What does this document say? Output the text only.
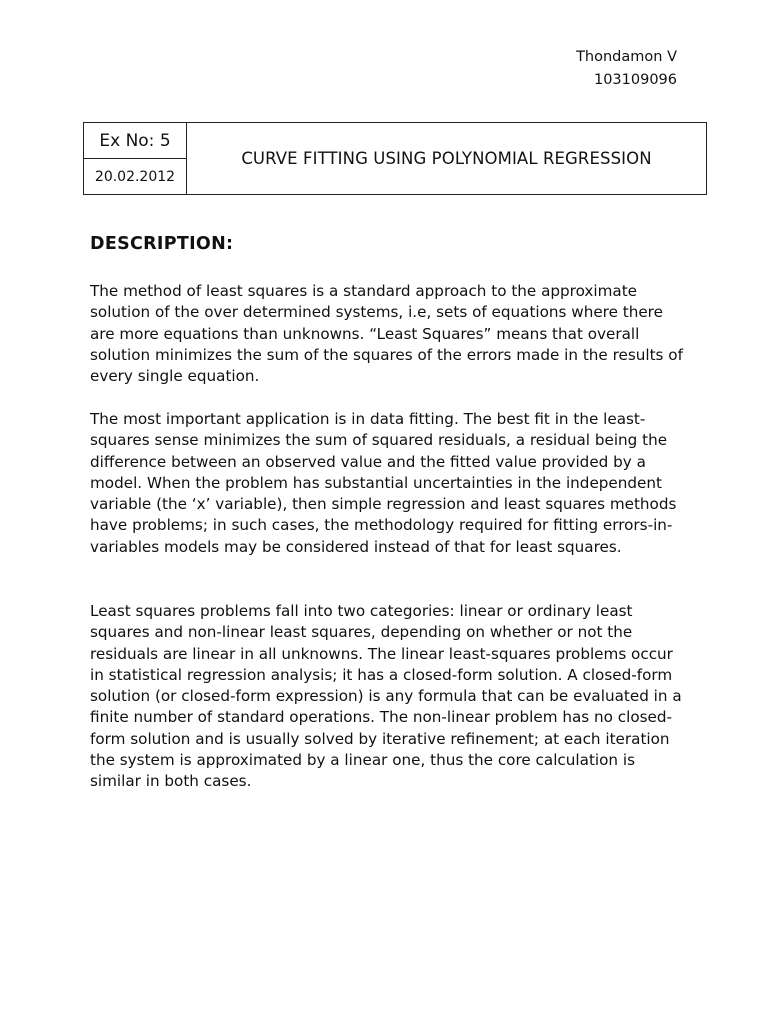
Thondamon V
103109096
Ex No: 5
20.02.2012
CURVE FITTING USING POLYNOMIAL REGRESSION
DESCRIPTION:

The method of least squares is a standard approach to the approximate solution of the over determined systems, i.e, sets of equations where there are more equations than unknowns. “Least Squares” means that overall solution minimizes the sum of the squares of the errors made in the results of every single equation.

The most important application is in data fitting. The best fit in the least-squares sense minimizes the sum of squared residuals, a residual being the difference between an observed value and the fitted value provided by a model. When the problem has substantial uncertainties in the independent variable (the ‘x’ variable), then simple regression and least squares methods have problems; in such cases, the methodology required for fitting errors-in-variables models may be considered instead of that for least squares.

Least squares problems fall into two categories: linear or ordinary least squares and non-linear least squares, depending on whether or not the residuals are linear in all unknowns. The linear least-squares problems occur in statistical regression analysis; it has a closed-form solution. A closed-form solution (or closed-form expression) is any formula that can be evaluated in a finite number of standard operations. The non-linear problem has no closed-form solution and is usually solved by iterative refinement; at each iteration the system is approximated by a linear one, thus the core calculation is similar in both cases.
